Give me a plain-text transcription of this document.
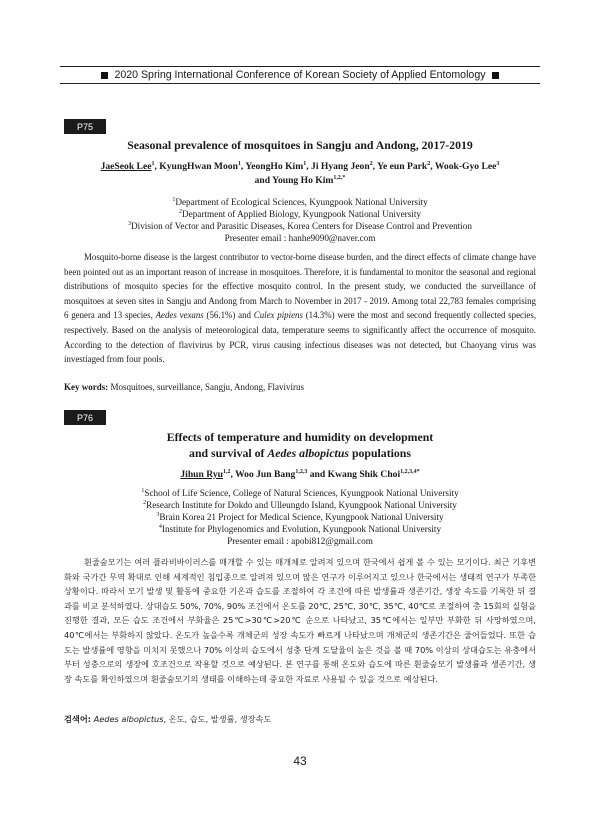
2020 Spring International Conference of Korean Society of Applied Entomology
P75
Seasonal prevalence of mosquitoes in Sangju and Andong, 2017-2019
JaeSeok Lee$^1$, KyungHwan Moon$^1$, YeongHo Kim$^1$, Ji Hyang Jeon$^2$, Ye eun Park$^2$, Wook-Gyo Lee$^3$
and Young Ho Kim$^{1,2,*}$
$^1$Department of Ecological Sciences, Kyungpook National University
$^2$Department of Applied Biology, Kyungpook National University
$^3$Division of Vector and Parasitic Diseases, Korea Centers for Disease Control and Prevention
Presenter email : hanhe9090@naver.com
Mosquito-borne disease is the largest contributor to vector-borne disease burden, and the direct effects of climate change have been pointed out as an important reason of increase in mosquitoes. Therefore, it is fundamental to monitor the seasonal and regional distributions of mosquito species for the effective mosquito control. In the present study, we conducted the surveillance of mosquitoes at seven sites in Sangju and Andong from March to November in 2017 - 2019. Among total 22,783 females comprising 6 genera and 13 species, Aedes vexans (56.1%) and Culex pipiens (14.3%) were the most and second frequently collected species, respectively. Based on the analysis of meteorological data, temperature seems to significantly affect the occurrence of mosquito. According to the detection of flavivirus by PCR, virus causing infectious diseases was not detected, but Chaoyang virus was investiaged from four pools.
Key words: Mosquitoes, surveillance, Sangju, Andong, Flavivirus
P76
Effects of temperature and humidity on development
and survival of Aedes albopictus populations
Jihun Ryu$^{1,2}$, Woo Jun Bang$^{1,2,3}$ and Kwang Shik Choi$^{1,2,3,4*}$
$^1$School of Life Science, College of Natural Sciences, Kyungpook National University
$^2$Research Institute for Dokdo and Ulleungdo Island, Kyungpook National University
$^3$Brain Korea 21 Project for Medical Science, Kyungpook National University
$^4$Institute for Phylogenomics and Evolution, Kyungpook National University
Presenter email : apobi812@gmail.com
흰줄숲모기는 여러 플라비바이러스를 매개할 수 있는 매개체로 알려져 있으며 한국에서 쉽게 볼 수 있는 모기이다. 최근 기후변화와 국가간 무역 확대로 인해 세계적인 침입종으로 알려져 있으며 많은 연구가 이루어지고 있으나 한국에서는 생태적 연구가 부족한 상황이다. 따라서 모기 발생 및 활동에 중요한 기온과 습도를 조절하여 각 조건에 따른 발생률과 생존기간, 생장 속도를 기록한 뒤 결과를 비교 분석하였다. 상대습도 50%, 70%, 90% 조건에서 온도를 20℃, 25℃, 30℃, 35℃, 40℃로 조절하여 총 15회의 실험을 진행한 결과, 모든 습도 조건에서 부화율은 25℃>30℃>20℃ 순으로 나타났고, 35℃에서는 일부만 부화한 뒤 사망하였으며, 40℃에서는 부화하지 않았다. 온도가 높을수록 개체군의 성장 속도가 빠르게 나타났으며 개체군의 생존기간은 줄어들었다. 또한 습도는 발생률에 영향을 미치지 못했으나 70% 이상의 습도에서 성충 단계 도달율이 높은 것을 볼 때 70% 이상의 상대습도는 유충에서부터 성충으로의 생장에 호조건으로 작용할 것으로 예상된다. 본 연구를 통해 온도와 습도에 따른 흰줄숲모기 발생률과 생존기간, 생장 속도를 확인하였으며 흰줄숲모기의 생태를 이해하는데 중요한 자료로 사용될 수 있을 것으로 예상된다.
검색어: Aedes albopictus, 온도, 습도, 발생률, 생장속도
43
